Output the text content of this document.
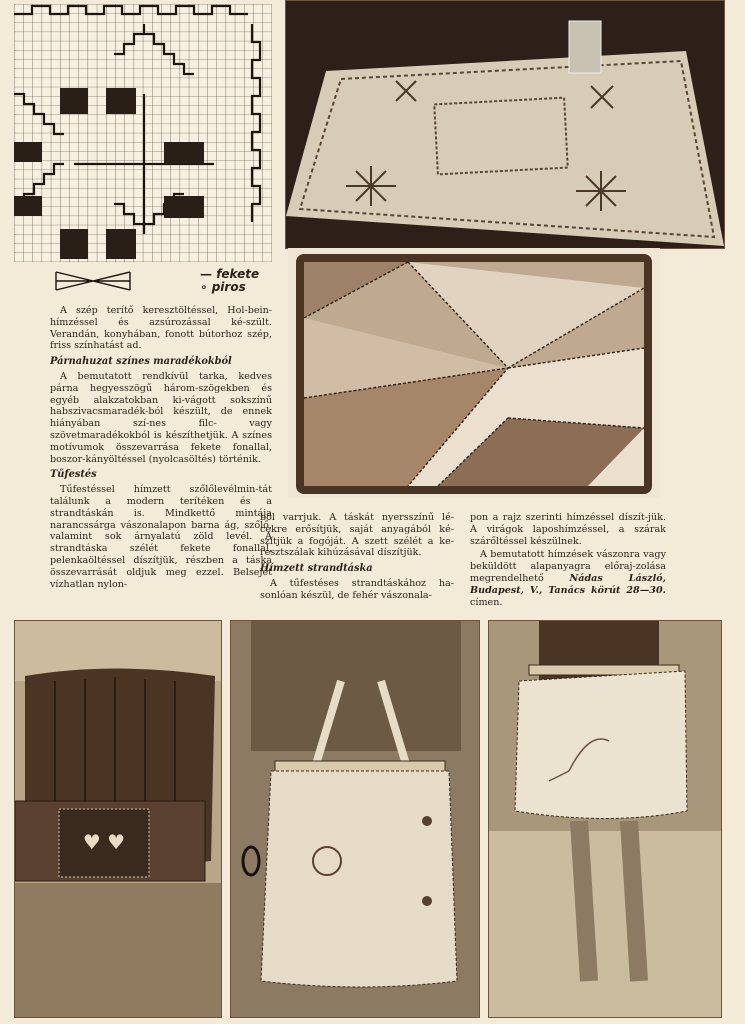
— fekete
∘ piros

A szép terítő keresztöltéssel, Hol-bein-hímzéssel és azsúrozással ké-szült. Verandán, konyhában, fonott bútorhoz szép, friss színhatást ad.

Párnahuzat színes maradékokból

A bemutatott rendkívül tarka, kedves párna hegyesszögű három-szögekben és egyéb alakzatokban ki-vágott sokszínű habszivacsmaradék-ból készült, de ennek hiányában szí-nes filc- vagy szövetmaradékokból is készíthetjük. A színes motívumok összevarrása fekete fonallal, boszor-kányöltéssel (nyolcasöltés) történik.

Tűfestés

Tűfestéssel hímzett szőlőlevélmin-tát találunk a modern terítéken és a strandtáskán is. Mindkettő mintája narancssárga vászonalapon barna ág, szőlő, valamint sok árnyalatú zöld levél. A strandtáska szélét fekete fonallal, pelenkaöltéssel díszítjük, részben a táska összevarrását oldjuk meg ezzel. Belsejét vízhatlan nylon-

ból varrjuk. A táskát nyersszínű lé-cekre erősítjük, saját anyagából ké-szítjük a fogóját. A szett szélét a ke-resztszálak kihúzásával díszítjük.

Hímzett strandtáska

A tűfestéses strandtáskához ha-sonlóan készül, de fehér vászonala-

pon a rajz szerinti hímzéssel díszít-jük. A virágok laposhímzéssel, a szárak szárőltéssel készülnek.

A bemutatott hímzések vászonra vagy beküldött alapanyagra előraj-zolása megrendelhető Nádas László, Budapest, V., Tanács körút 28—30. címen.

♥ ♥
